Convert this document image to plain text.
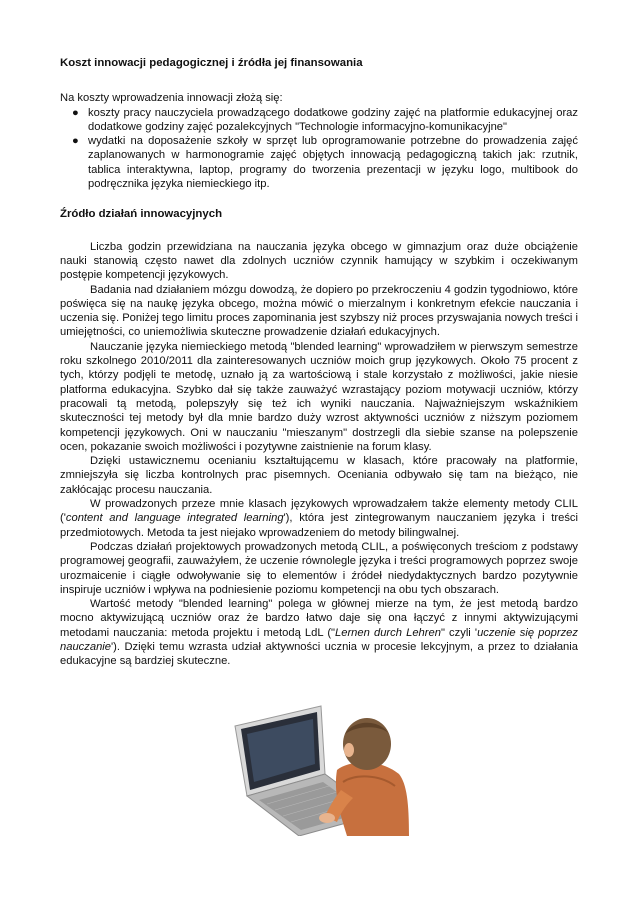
Koszt innowacji pedagogicznej i źródła jej finansowania

Na koszty wprowadzenia innowacji złożą się:

● koszty pracy nauczyciela prowadzącego dodatkowe godziny zajęć na platformie edukacyjnej oraz dodatkowe godziny zajęć pozalekcyjnych "Technologie informacyjno-komunikacyjne"
● wydatki na doposażenie szkoły w sprzęt lub oprogramowanie potrzebne do prowadzenia zajęć zaplanowanych w harmonogramie zajęć objętych innowacją pedagogiczną takich jak: rzutnik, tablica interaktywna, laptop, programy do tworzenia prezentacji w języku logo, multibook do podręcznika języka niemieckiego itp.

Źródło działań innowacyjnych

Liczba godzin przewidziana na nauczania języka obcego w gimnazjum oraz duże obciążenie nauki stanowią często nawet dla zdolnych uczniów czynnik hamujący w szybkim i oczekiwanym postępie kompetencji językowych.

Badania nad działaniem mózgu dowodzą, że dopiero po przekroczeniu 4 godzin tygodniowo, które poświęca się na naukę języka obcego, można mówić o mierzalnym i konkretnym efekcie nauczania i uczenia się. Poniżej tego limitu proces zapominania jest szybszy niż proces przyswajania nowych treści i umiejętności, co uniemożliwia skuteczne prowadzenie działań edukacyjnych.

Nauczanie języka niemieckiego metodą "blended learning" wprowadziłem w pierwszym semestrze roku szkolnego 2010/2011 dla zainteresowanych uczniów moich grup językowych. Około 75 procent z tych, którzy podjęli te metodę, uznało ją za wartościową i stale korzystało z możliwości, jakie niesie platforma edukacyjna. Szybko dał się także zauważyć wzrastający poziom motywacji uczniów, którzy pracowali tą metodą, polepszyły się też ich wyniki nauczania. Najważniejszym wskaźnikiem skuteczności tej metody był dla mnie bardzo duży wzrost aktywności uczniów z niższym poziomem kompetencji językowych. Oni w nauczaniu "mieszanym" dostrzegli dla siebie szanse na polepszenie ocen, pokazanie swoich możliwości i pozytywne zaistnienie na forum klasy.

Dzięki ustawicznemu ocenianiu kształtującemu w klasach, które pracowały na platformie, zmniejszyła się liczba kontrolnych prac pisemnych. Oceniania odbywało się tam na bieżąco, nie zakłócając procesu nauczania.

W prowadzonych przeze mnie klasach językowych wprowadzałem także elementy metody CLIL ('content and language integrated learning'), która jest zintegrowanym nauczaniem języka i treści przedmiotowych. Metoda ta jest niejako wprowadzeniem do metody bilingwalnej.

Podczas działań projektowych prowadzonych metodą CLIL, a poświęconych treściom z podstawy programowej geografii, zauważyłem, że uczenie równolegle języka i treści programowych poprzez swoje urozmaicenie i ciągłe odwoływanie się to elementów i źródeł niedydaktycznych bardzo pozytywnie inspiruje uczniów i wpływa na podniesienie poziomu kompetencji na obu tych obszarach.

Wartość metody "blended learning" polega w głównej mierze na tym, że jest metodą bardzo mocno aktywizującą uczniów oraz że bardzo łatwo daje się ona łączyć z innymi aktywizującymi metodami nauczania: metoda projektu i metodą LdL ("Lernen durch Lehren" czyli 'uczenie się poprzez nauczanie'). Dzięki temu wzrasta udział aktywności ucznia w procesie lekcyjnym, a przez to działania edukacyjne są bardziej skuteczne.
